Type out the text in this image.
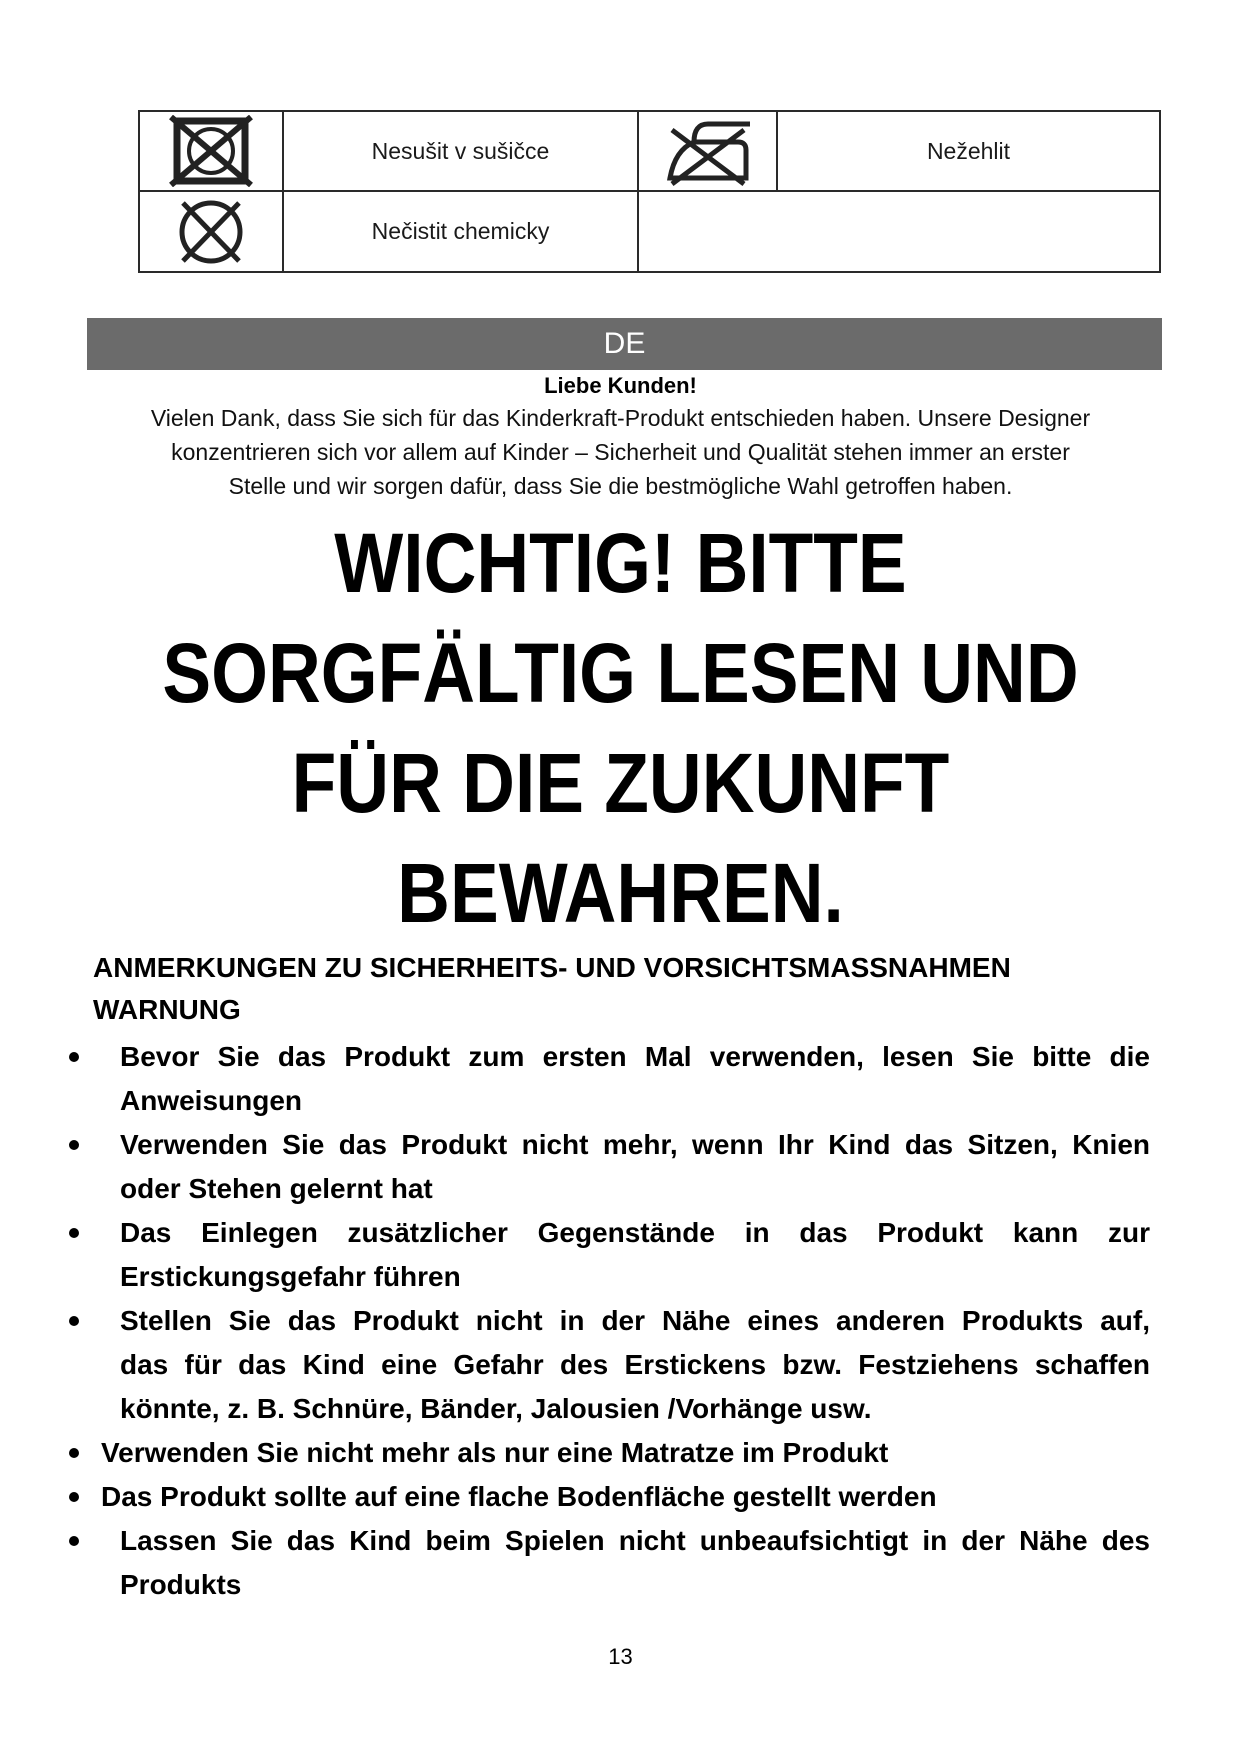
	Nesušit v sušičce		Nežehlit
	Nečistit chemicky		
DE
Liebe Kunden!
Vielen Dank, dass Sie sich für das Kinderkraft-Produkt entschieden haben. Unsere Designer
konzentrieren sich vor allem auf Kinder – Sicherheit und Qualität stehen immer an erster
Stelle und wir sorgen dafür, dass Sie die bestmögliche Wahl getroffen haben.
WICHTIG! BITTE
SORGFÄLTIG LESEN UND
FÜR DIE ZUKUNFT
BEWAHREN.
ANMERKUNGEN ZU SICHERHEITS- UND VORSICHTSMASSNAHMEN
WARNUNG
Bevor Sie das Produkt zum ersten Mal verwenden, lesen Sie bitte die
Anweisungen
Verwenden Sie das Produkt nicht mehr, wenn Ihr Kind das Sitzen, Knien
oder Stehen gelernt hat
Das Einlegen zusätzlicher Gegenstände in das Produkt kann zur
Erstickungsgefahr führen
Stellen Sie das Produkt nicht in der Nähe eines anderen Produkts auf,
das für das Kind eine Gefahr des Erstickens bzw. Festziehens schaffen
könnte, z. B. Schnüre, Bänder, Jalousien /Vorhänge usw.
Verwenden Sie nicht mehr als nur eine Matratze im Produkt
Das Produkt sollte auf eine flache Bodenfläche gestellt werden
Lassen Sie das Kind beim Spielen nicht unbeaufsichtigt in der Nähe des
Produkts
13
